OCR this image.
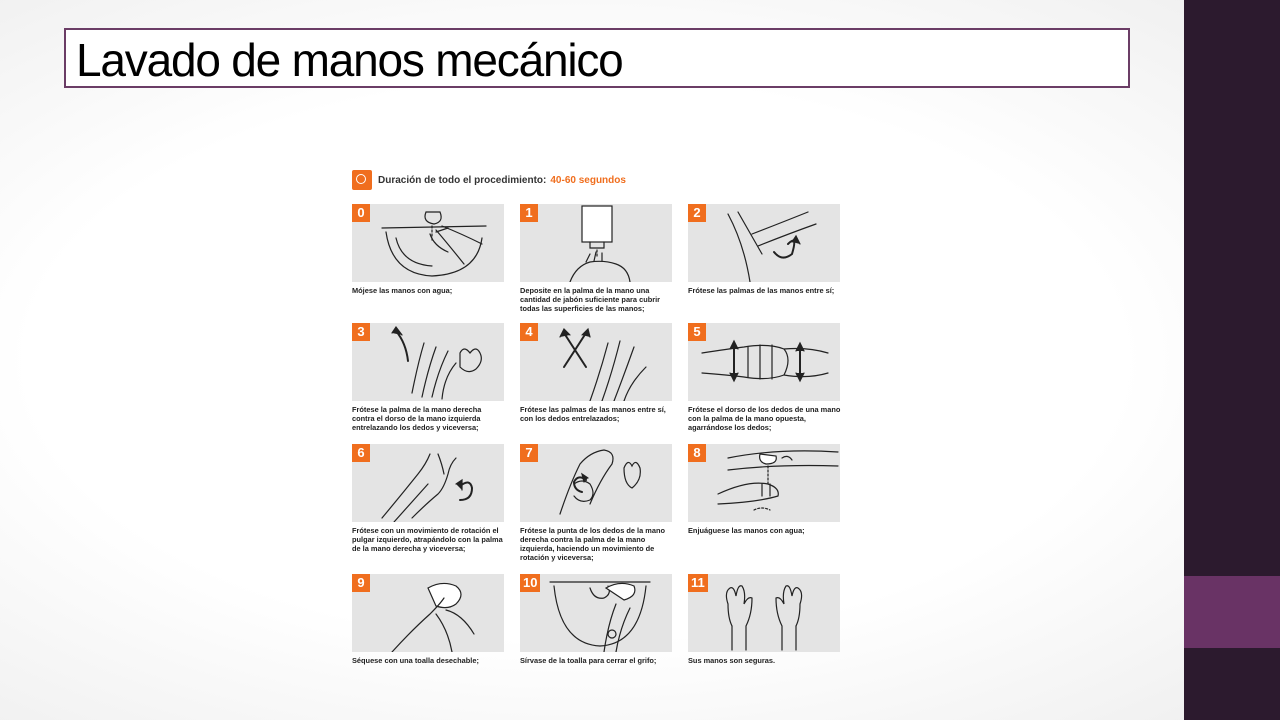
Lavado de manos mecánico
Duración de todo el procedimiento: 40-60 segundos
0
Mójese las manos con agua;
1
Deposite en la palma de la mano una cantidad de jabón suficiente para cubrir todas las superficies de las manos;
2
Frótese las palmas de las manos entre sí;
3
Frótese la palma de la mano derecha contra el dorso de la mano izquierda entrelazando los dedos y viceversa;
4
Frótese las palmas de las manos entre sí, con los dedos entrelazados;
5
Frótese el dorso de los dedos de una mano con la palma de la mano opuesta, agarrándose los dedos;
6
Frótese con un movimiento de rotación el pulgar izquierdo, atrapándolo con la palma de la mano derecha y viceversa;
7
Frótese la punta de los dedos de la mano derecha contra la palma de la mano izquierda, haciendo un movimiento de rotación y viceversa;
8
Enjuáguese las manos con agua;
9
Séquese con una toalla desechable;
10
Sírvase de la toalla para cerrar el grifo;
11
Sus manos son seguras.
